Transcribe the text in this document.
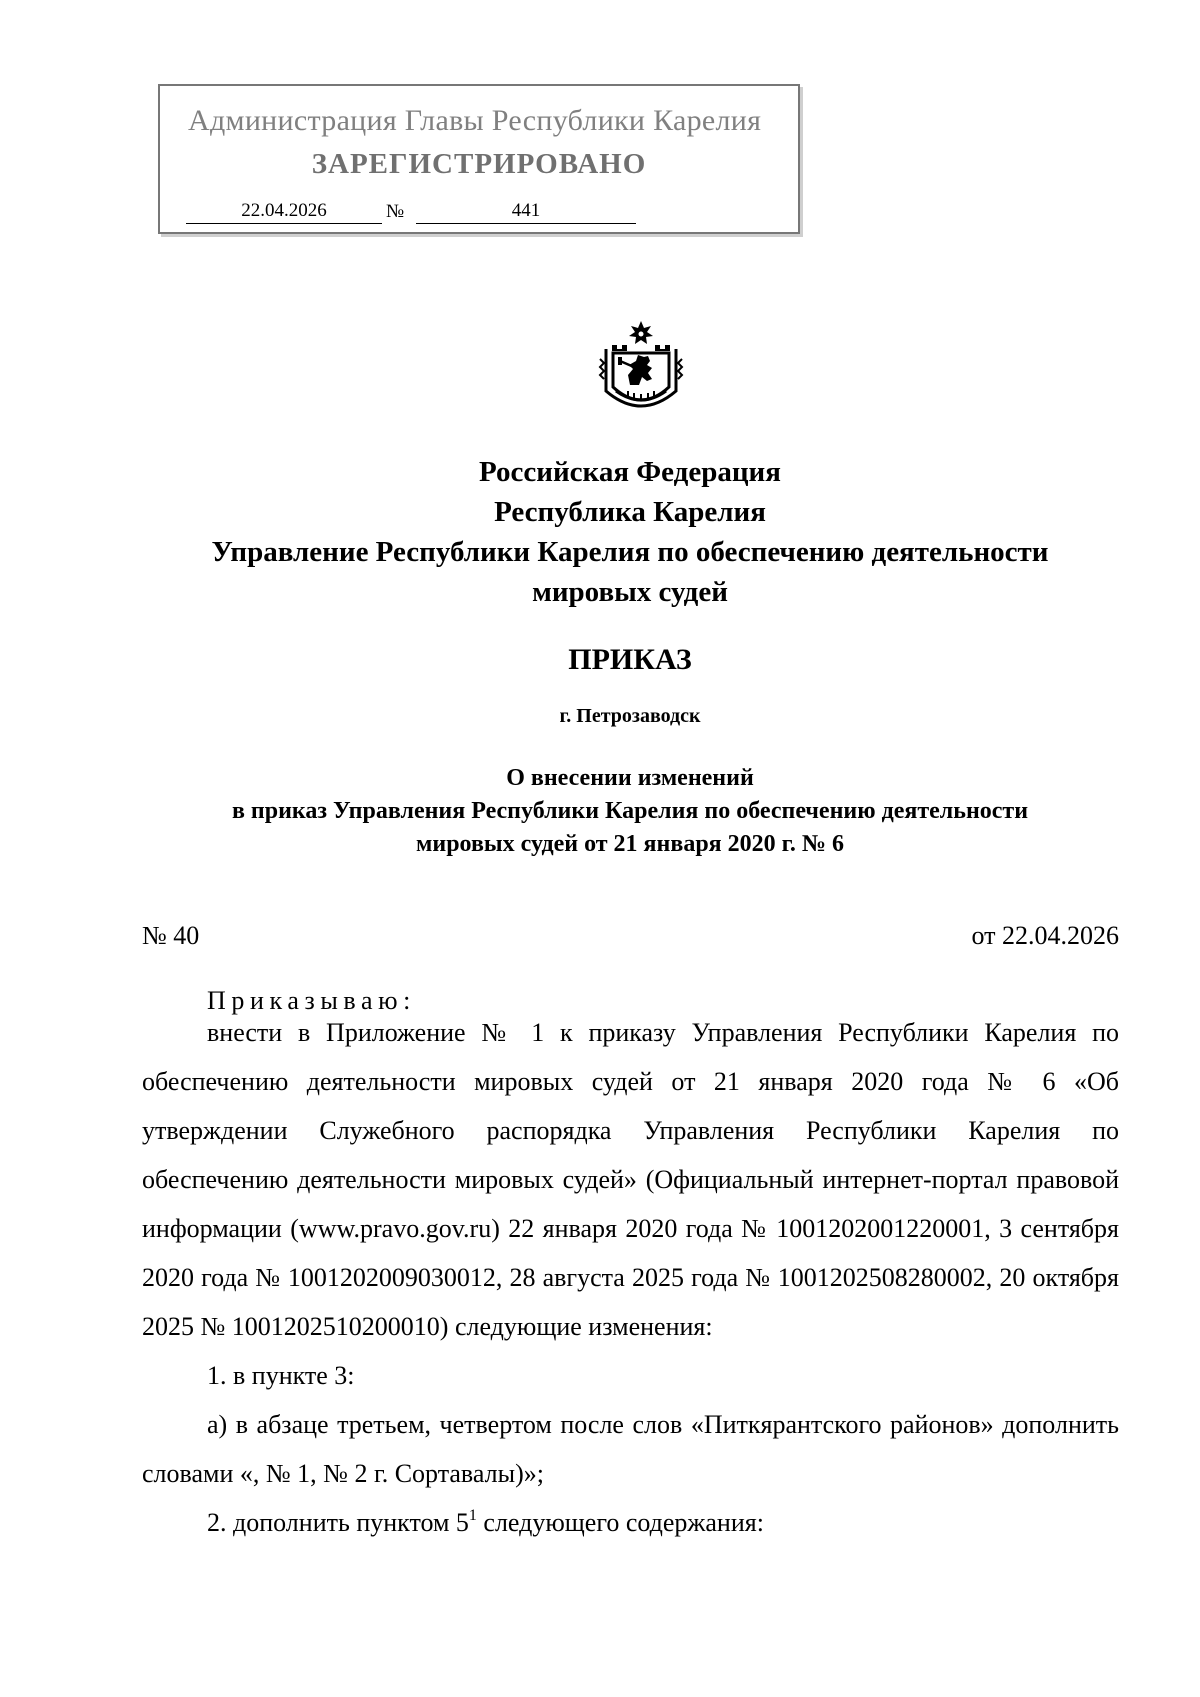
Администрация Главы Республики Карелия
ЗАРЕГИСТРИРОВАНО
22.04.2026	№	441
Российская Федерация
Республика Карелия
Управление Республики Карелия по обеспечению деятельности
мировых судей
ПРИКАЗ
г. Петрозаводск
О внесении изменений
в приказ Управления Республики Карелия по обеспечению деятельности
мировых судей от 21 января 2020 г. № 6
№ 40	от 22.04.2026
Приказываю:

внести в Приложение № 1 к приказу Управления Республики Карелия по обеспечению деятельности мировых судей от 21 января 2020 года № 6 «Об утверждении Служебного распорядка Управления Республики Карелия по обеспечению деятельности мировых судей» (Официальный интернет-портал правовой информации (www.pravo.gov.ru) 22 января 2020 года № 1001202001220001, 3 сентября 2020 года № 1001202009030012, 28 августа 2025 года № 1001202508280002, 20 октября 2025 № 1001202510200010) следующие изменения:

1. в пункте 3:

а) в абзаце третьем, четвертом после слов «Питкярантского районов» дополнить словами «, № 1, № 2 г. Сортавалы)»;

2. дополнить пунктом $5^1$ следующего содержания:
